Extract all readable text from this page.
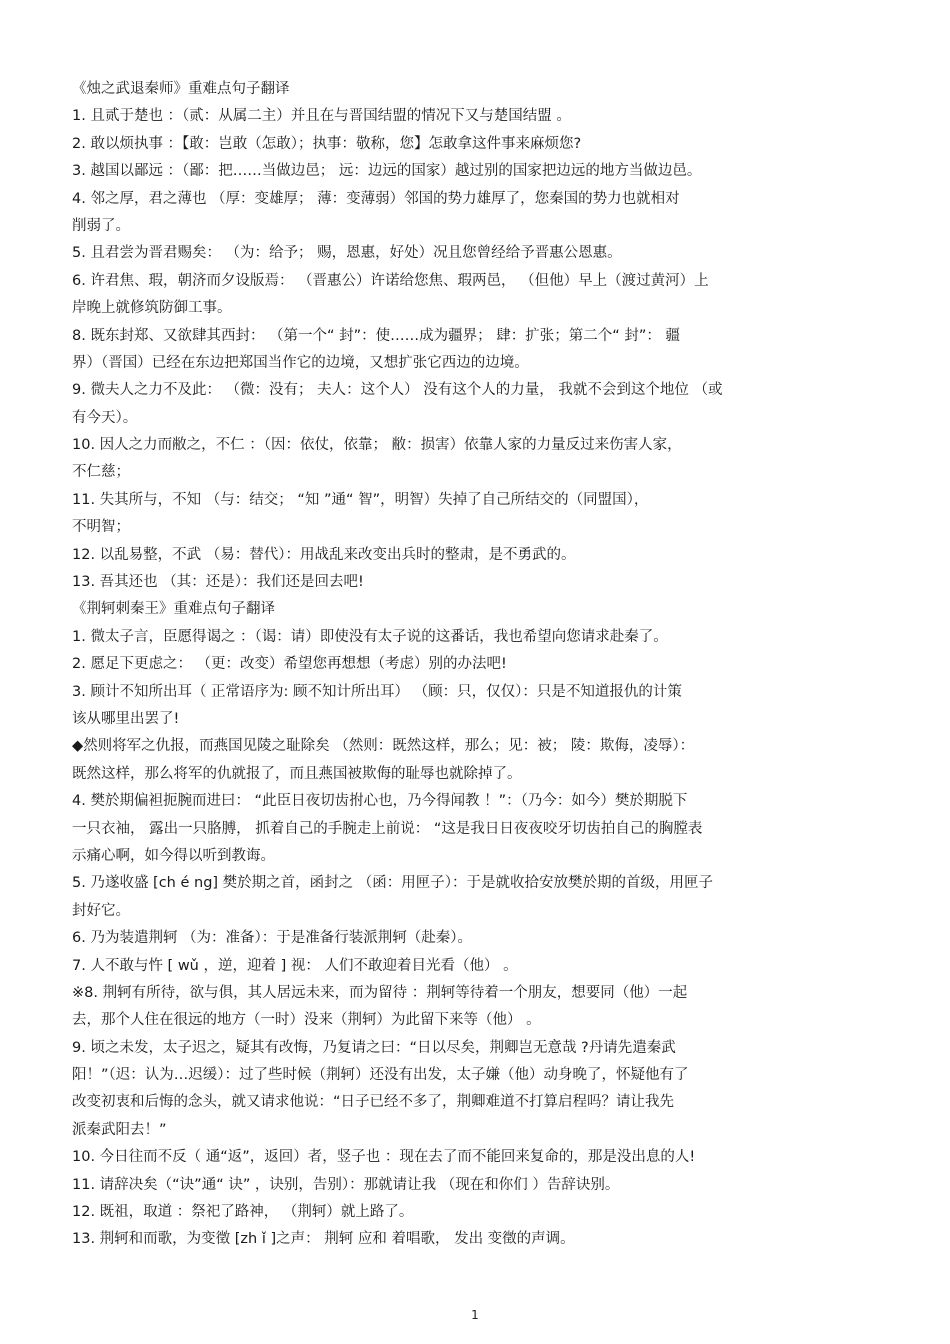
《烛之武退秦师》重难点句子翻译
1. 且贰于楚也 ：（贰：从属二主）并且在与晋国结盟的情况下又与楚国结盟 。
2. 敢以烦执事 ：【敢：岂敢（怎敢）；执事：敬称，您】怎敢拿这件事来麻烦您?
3. 越国以鄙远 ：（鄙：把……当做边邑； 远：边远的国家）越过别的国家把边远的地方当做边邑。
4. 邻之厚，君之薄也 （厚：变雄厚； 薄：变薄弱）邻国的势力雄厚了，您秦国的势力也就相对
削弱了。
5. 且君尝为晋君赐矣： （为：给予； 赐，恩惠，好处）况且您曾经给予晋惠公恩惠。
6. 许君焦、瑕，朝济而夕设版焉： （晋惠公）许诺给您焦、瑕两邑， （但他）早上（渡过黄河）上
岸晚上就修筑防御工事。
8. 既东封郑、又欲肆其西封： （第一个“ 封”：使……成为疆界； 肆：扩张；第二个“ 封”： 疆
界）（晋国）已经在东边把郑国当作它的边境，又想扩张它西边的边境。
9. 微夫人之力不及此： （微：没有； 夫人：这个人） 没有这个人的力量， 我就不会到这个地位 （或
有今天）。
10. 因人之力而敝之，不仁 ：（因：依仗，依靠； 敝：损害）依靠人家的力量反过来伤害人家，
不仁慈；
11. 失其所与，不知 （与：结交； “知 ”通“ 智”，明智）失掉了自己所结交的（同盟国），
不明智；
12. 以乱易整，不武 （易：替代）：用战乱来改变出兵时的整肃，是不勇武的。
13. 吾其还也 （其：还是）：我们还是回去吧!
《荆轲刺秦王》重难点句子翻译
1. 微太子言，臣愿得谒之 ：（谒：请）即使没有太子说的这番话，我也希望向您请求赴秦了。
2. 愿足下更虑之： （更：改变）希望您再想想（考虑）别的办法吧!
3. 顾计不知所出耳（ 正常语序为: 顾不知计所出耳） （顾：只，仅仅）：只是不知道报仇的计策
该从哪里出罢了!
◆然则将军之仇报，而燕国见陵之耻除矣 （然则：既然这样，那么；见：被； 陵：欺侮，凌辱）：
既然这样，那么将军的仇就报了，而且燕国被欺侮的耻辱也就除掉了。
4. 樊於期偏袒扼腕而进曰： “此臣日夜切齿拊心也，乃今得闻教 ！”：（乃今：如今）樊於期脱下
一只衣袖， 露出一只胳膊， 抓着自己的手腕走上前说： “这是我日日夜夜咬牙切齿拍自己的胸膛表
示痛心啊，如今得以听到教诲。
5. 乃遂收盛 [ch é ng] 樊於期之首，函封之 （函：用匣子）：于是就收拾安放樊於期的首级，用匣子
封好它。
6. 乃为装遣荆轲 （为：准备）：于是准备行装派荆轲（赴秦）。
7. 人不敢与忤 [ wǔ ，逆，迎着 ] 视： 人们不敢迎着目光看（他） 。
※8. 荆轲有所待，欲与俱，其人居远未来，而为留待 ：荆轲等待着一个朋友，想要同（他）一起
去，那个人住在很远的地方（一时）没来（荆轲）为此留下来等（他） 。
9. 顷之未发，太子迟之，疑其有改悔，乃复请之曰：“日以尽矣，荆卿岂无意哉 ?丹请先遣秦武
阳！”（迟：认为…迟缓）：过了些时候（荆轲）还没有出发，太子嫌（他）动身晚了，怀疑他有了
改变初衷和后悔的念头，就又请求他说：“日子已经不多了，荆卿难道不打算启程吗？请让我先
派秦武阳去！”
10. 今日往而不反（ 通“返”，返回）者，竖子也 ：现在去了而不能回来复命的，那是没出息的人!
11. 请辞决矣（“诀”通“ 诀” ，诀别，告别）：那就请让我 （现在和你们 ）告辞诀别。
12. 既祖，取道 ：祭祀了路神， （荆轲）就上路了。
13. 荆轲和而歌，为变徵 [zh ǐ ]之声： 荆轲 应和 着唱歌， 发出 变徵的声调。
1
